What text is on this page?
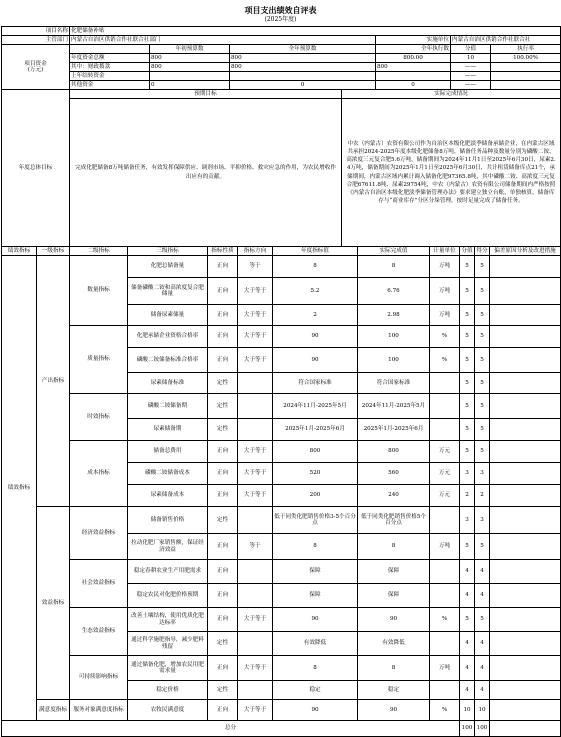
项目支出绩效自评表
(2025年度)
项目名称	化肥储备补贴					
主管部门	内蒙古自治区供销合作社联合社部门			实施单位	内蒙古自治区供销合作社联合社	
项目资金
(万元)		年初预算数	全年预算数	全年执行数	分值	执行率
	年度资金总额	800	800	800.00	10	100.00%
	其中：财政拨款	800	800	800	——	
	上年结转资金				——	
	其他资金	0	0	0	——	
年度总体目标	预期目标	实际完成情况
	完成化肥储备8万吨储备任务，有效发挥保障供应、调剂市场、平抑价格、救灾应急的作用，为农民增收作出应有的贡献。	中农（内蒙古）农资有限公司作为自治区本级化肥淡季储备承储企业，在内蒙古区域共承担2024-2025年度本级化肥储备8万吨，储备任务品种及数量分别为磷酸二铵、高浓度三元复合肥5.6万吨，储备期间为2024年11月1日至2025年6月30日，尿素2.4万吨，储备期间为2025年1月1日至2025年6月30日，共计租赁储备库点21个，承储期间，内蒙古区域内累计调入储备化肥97365.8吨，其中磷酸二铵、高浓度三元复合肥67611.8吨、尿素29754吨，中农（内蒙古）农资有限公司储备期间内严格按照《内蒙古自治区本级化肥淡季储备管理办法》要求建立独立台账，单独核算，储备库存与“商业库存”分区分垛管理，按时足量完成了储备任务。
绩效指标	一级指标	二级指标	三级指标	指标性质	指标方向	年度指标值	实际完成值	计量单位	分值	得分	偏差原因分析及改进措施
绩效指标	产出指标	数量指标	化肥总储备量	正向	等于	8	8	万吨	5	5	
			储备磷酸二铵和高浓度复合肥储量	正向	大于等于	5.2	6.76	万吨	5	5	
			储备尿素储量	正向	大于等于	2	2.98	万吨	5	5	
		质量指标	化肥承储企业资格合格率	正向	大于等于	90	100	%	5	5	
			磷酸二铵储备标准合格率	正向	大于等于	90	100	%	5	5	
			尿素储备标准	定性		符合国家标准	符合国家标准		5	5	
		时效指标	磷酸二铵储备期	定性		2024年11月-2025年5月	2024年11月-2025年5月		5	5	
			尿素储备期	定性		2025年1月-2025年6月	2025年1月-2025年6月		5	5	
		成本指标	储备总费用	正向	大于等于	800	800	万元	5	5	
			磷酸二铵储备成本	正向	大于等于	520	560	万元	3	3	
			尿素储备成本	正向	大于等于	200	240	万元	2	2	
	效益指标	经济效益指标	储备销售价格	定性		低于同类化肥销售价格3-5个百分点	低于同类化肥销售价格5个百分点		3	3	
			拉动化肥厂家销售额，保证经济效益	正向	等于	8	8	万吨	5	5	
		社会效益指标	稳定春耕农业生产用肥需求	正向		保障	保障		4	4	
			稳定农民对化肥价格预期	正向		保障	保障		4	4	
		生态效益指标	改善土壤结构，使用优质化肥达标率	正向	大于等于	90	90	%	5	5	
			通过科学施肥指导，减少肥料残留	定性		有效降低	有效降低		4	4	
		可持续影响指标	通过储备化肥，增加农民用肥需求量	正向	大于等于	8	8	万吨	4	4	
			稳定价格	定性		稳定	稳定		4	4	
	满意度指标	服务对象满意度指标	农牧民满意度	正向	大于等于	90	90	%	10	10	
总分									100	100	
